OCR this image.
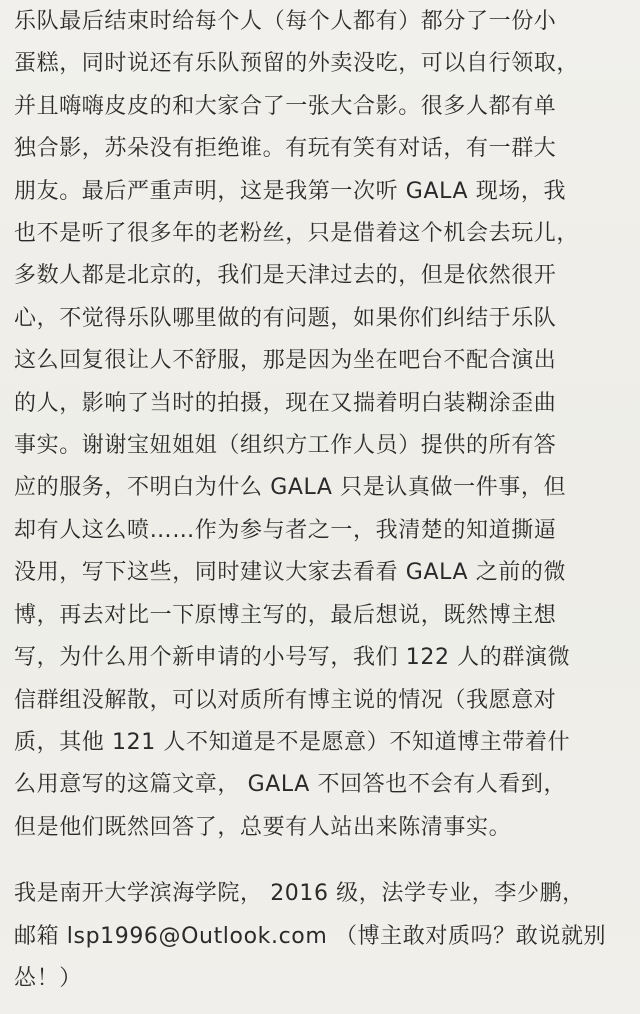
乐队最后结束时给每个人（每个人都有）都分了一份小
蛋糕，同时说还有乐队预留的外卖没吃，可以自行领取，
并且嗨嗨皮皮的和大家合了一张大合影。很多人都有单
独合影，苏朵没有拒绝谁。有玩有笑有对话，有一群大
朋友。最后严重声明，这是我第一次听 GALA 现场，我
也不是听了很多年的老粉丝，只是借着这个机会去玩儿，
多数人都是北京的，我们是天津过去的，但是依然很开
心，不觉得乐队哪里做的有问题，如果你们纠结于乐队
这么回复很让人不舒服，那是因为坐在吧台不配合演出
的人，影响了当时的拍摄，现在又揣着明白装糊涂歪曲
事实。谢谢宝妞姐姐（组织方工作人员）提供的所有答
应的服务，不明白为什么 GALA 只是认真做一件事，但
却有人这么喷……作为参与者之一，我清楚的知道撕逼
没用，写下这些，同时建议大家去看看 GALA 之前的微
博，再去对比一下原博主写的，最后想说，既然博主想
写，为什么用个新申请的小号写，我们 122 人的群演微
信群组没解散，可以对质所有博主说的情况（我愿意对
质，其他 121 人不知道是不是愿意）不知道博主带着什
么用意写的这篇文章， GALA 不回答也不会有人看到，
但是他们既然回答了，总要有人站出来陈清事实。

我是南开大学滨海学院， 2016 级，法学专业，李少鹏，
邮箱 lsp1996@Outlook.com （博主敢对质吗？敢说就别
怂！）
